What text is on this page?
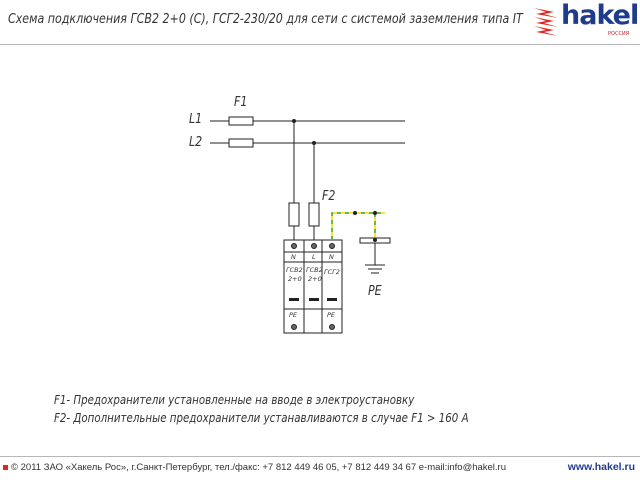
Схема подключения ГСВ2 2+0 (С), ГСГ2-230/20 для сети с системой заземления типа IT hakel
РОССИЯ
F1
L1
L2
F2
PE
N L N
ГСВ2
2+0
ГСВ2
2+0
ГСГ2
PE	PE
F1- Предохранители установленные на вводе в электроустановку
F2- Дополнительные предохранители устанавливаются в случае F1 > 160 A
© 2011 ЗАО «Хакель Рос», г.Санкт-Петербург, тел./факс: +7 812 449 46 05, +7 812 449 34 67 e-mail:info@hakel.ru	www.hakel.ru
